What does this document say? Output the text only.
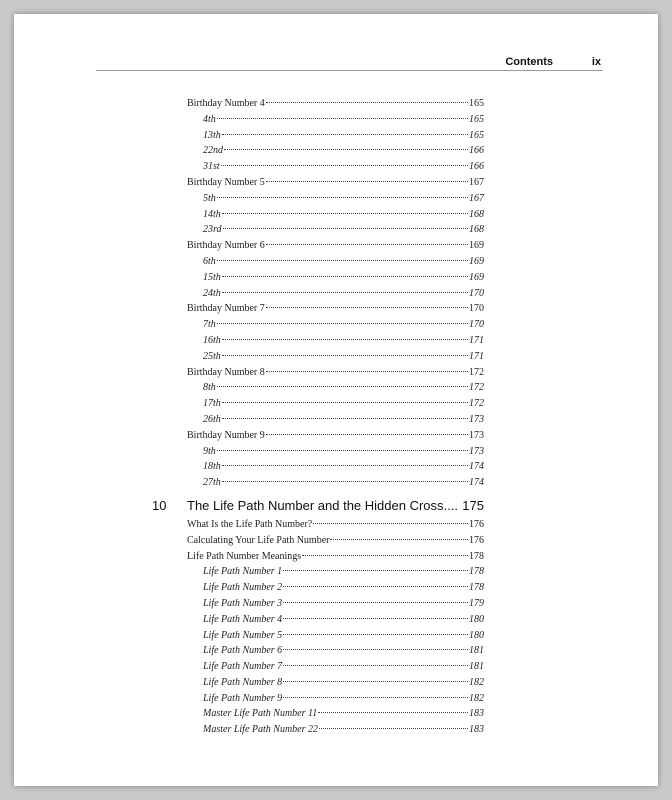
Contents	ix
Birthday Number 4	165
4th	165
13th	165
22nd	166
31st	166
Birthday Number 5	167
5th	167
14th	168
23rd	168
Birthday Number 6	169
6th	169
15th	169
24th	170
Birthday Number 7	170
7th	170
16th	171
25th	171
Birthday Number 8	172
8th	172
17th	172
26th	173
Birthday Number 9	173
9th	173
18th	174
27th	174
10 The Life Path Number and the Hidden Cross.... 175
What Is the Life Path Number?	176
Calculating Your Life Path Number	176
Life Path Number Meanings	178
Life Path Number 1	178
Life Path Number 2	178
Life Path Number 3	179
Life Path Number 4	180
Life Path Number 5	180
Life Path Number 6	181
Life Path Number 7	181
Life Path Number 8	182
Life Path Number 9	182
Master Life Path Number 11	183
Master Life Path Number 22	183
